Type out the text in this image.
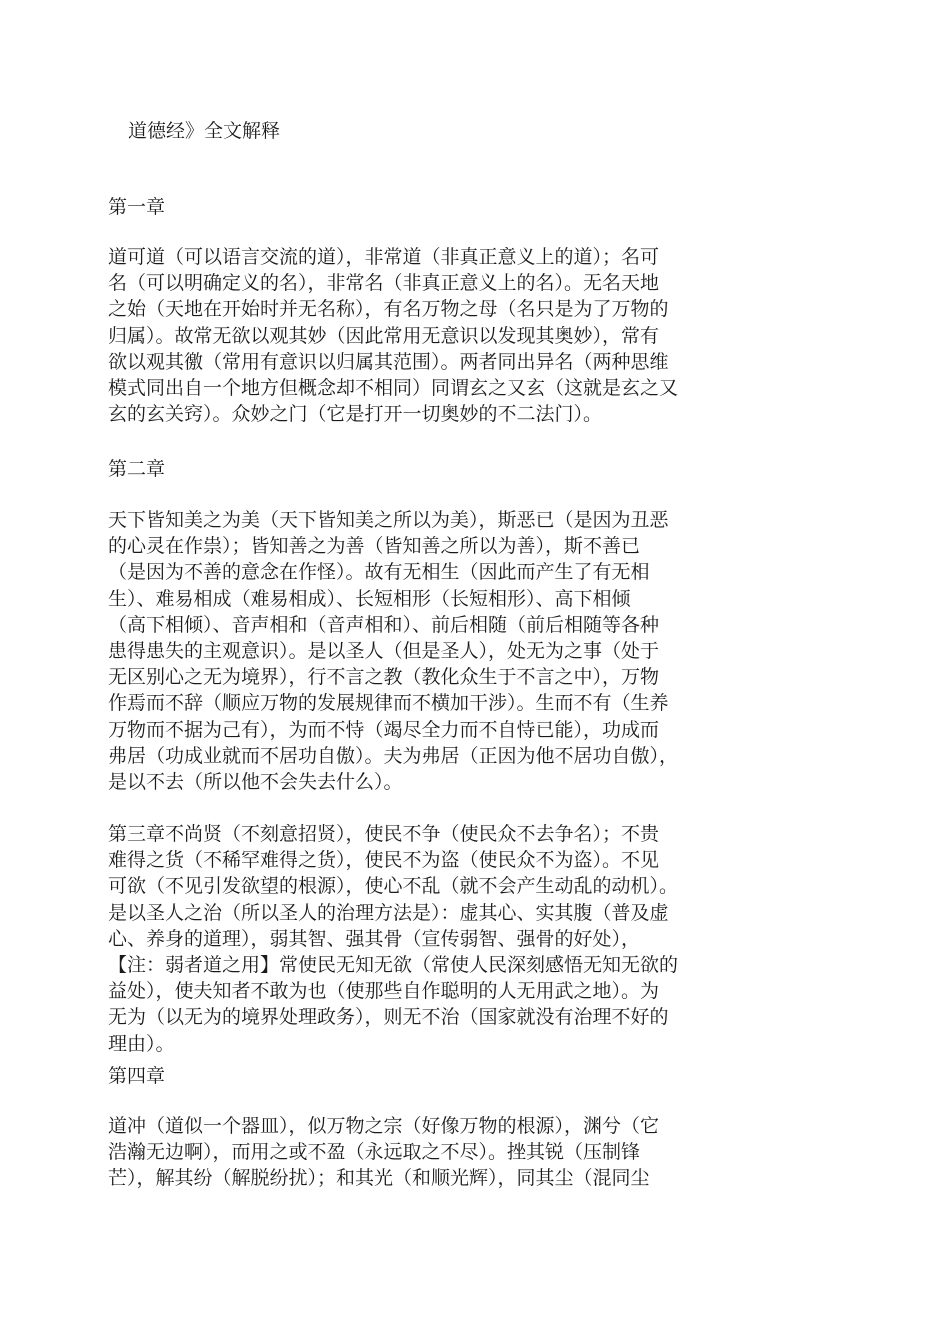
道德经》全文解释
第一章

道可道（可以语言交流的道），非常道（非真正意义上的道）；名可
名（可以明确定义的名），非常名（非真正意义上的名）。无名天地
之始（天地在开始时并无名称），有名万物之母（名只是为了万物的
归属）。故常无欲以观其妙（因此常用无意识以发现其奥妙），常有
欲以观其徼（常用有意识以归属其范围）。两者同出异名（两种思维
模式同出自一个地方但概念却不相同）同谓玄之又玄（这就是玄之又
玄的玄关窍）。众妙之门（它是打开一切奥妙的不二法门）。

第二章

天下皆知美之为美（天下皆知美之所以为美），斯恶已（是因为丑恶
的心灵在作祟）；皆知善之为善（皆知善之所以为善），斯不善已
（是因为不善的意念在作怪）。故有无相生（因此而产生了有无相
生）、难易相成（难易相成）、长短相形（长短相形）、高下相倾
（高下相倾）、音声相和（音声相和）、前后相随（前后相随等各种
患得患失的主观意识）。是以圣人（但是圣人），处无为之事（处于
无区别心之无为境界），行不言之教（教化众生于不言之中），万物
作焉而不辞（顺应万物的发展规律而不横加干涉）。生而不有（生养
万物而不据为己有），为而不恃（竭尽全力而不自恃已能），功成而
弗居（功成业就而不居功自傲）。夫为弗居（正因为他不居功自傲），
是以不去（所以他不会失去什么）。

第三章不尚贤（不刻意招贤），使民不争（使民众不去争名）；不贵
难得之货（不稀罕难得之货），使民不为盗（使民众不为盗）。不见
可欲（不见引发欲望的根源），使心不乱（就不会产生动乱的动机）。
是以圣人之治（所以圣人的治理方法是）：虚其心、实其腹（普及虚
心、养身的道理），弱其智、强其骨（宣传弱智、强骨的好处），
【注：弱者道之用】常使民无知无欲（常使人民深刻感悟无知无欲的
益处），使夫知者不敢为也（使那些自作聪明的人无用武之地）。为
无为（以无为的境界处理政务），则无不治（国家就没有治理不好的
理由）。

第四章

道冲（道似一个器皿），似万物之宗（好像万物的根源），渊兮（它
浩瀚无边啊），而用之或不盈（永远取之不尽）。挫其锐（压制锋
芒），解其纷（解脱纷扰）；和其光（和顺光辉），同其尘（混同尘
